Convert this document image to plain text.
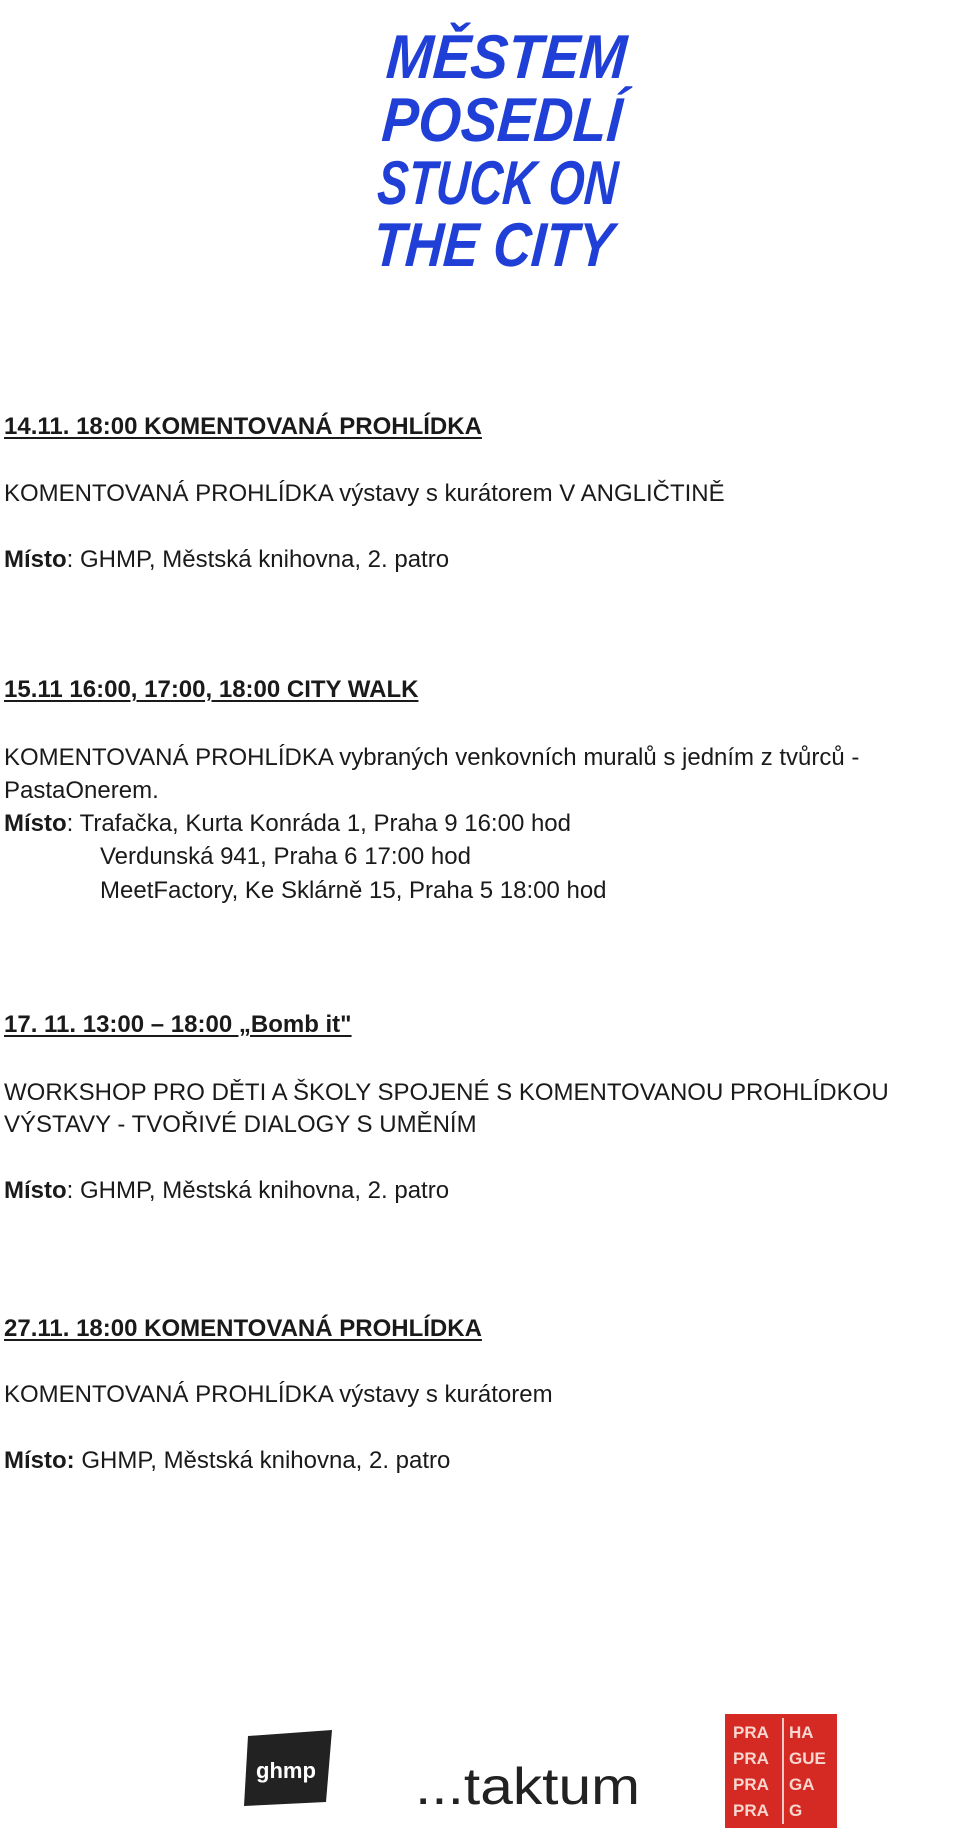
MĚSTEM
POSEDLÍ
STUCK ON
THE CITY
14.11. 18:00 KOMENTOVANÁ PROHLÍDKA
KOMENTOVANÁ PROHLÍDKA výstavy s kurátorem V ANGLIČTINĚ
Místo: GHMP, Městská knihovna, 2. patro
15.11 16:00, 17:00, 18:00 CITY WALK
KOMENTOVANÁ PROHLÍDKA vybraných venkovních muralů s jedním z tvůrců -
PastaOnerem.
Místo: Trafačka, Kurta Konráda 1, Praha 9 16:00 hod
Verdunská 941, Praha 6 17:00 hod
MeetFactory, Ke Sklárně 15, Praha 5 18:00 hod
17. 11. 13:00 – 18:00 „Bomb it"
WORKSHOP PRO DĚTI A ŠKOLY SPOJENÉ S KOMENTOVANOU PROHLÍDKOU
VÝSTAVY - TVOŘIVÉ DIALOGY S UMĚNÍM
Místo: GHMP, Městská knihovna, 2. patro
27.11. 18:00 KOMENTOVANÁ PROHLÍDKA
KOMENTOVANÁ PROHLÍDKA výstavy s kurátorem
Místo: GHMP, Městská knihovna, 2. patro
ghmp ...taktum
PRA HA
PRA GUE
PRA GA
PRA G
